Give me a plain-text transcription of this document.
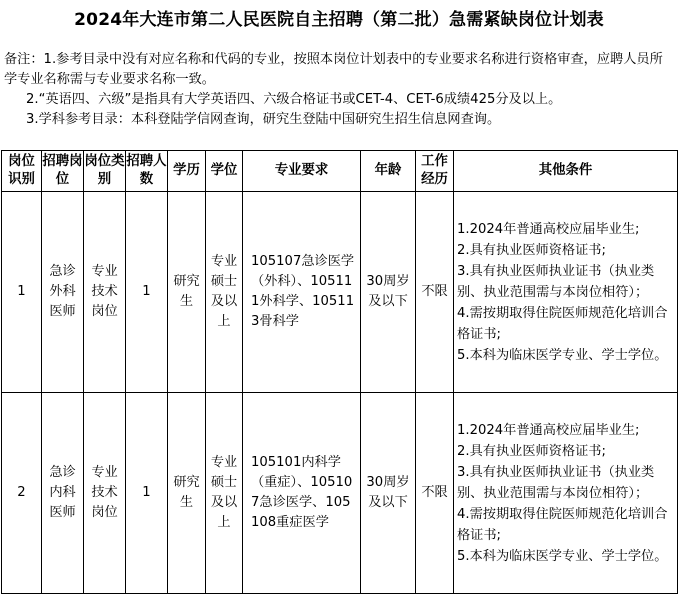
2024年大连市第二人民医院自主招聘（第二批）急需紧缺岗位计划表

备注：1.参考目录中没有对应名称和代码的专业，按照本岗位计划表中的专业要求名称进行资格审查，应聘人员所学专业名称需与专业要求名称一致。

2.“英语四、六级”是指具有大学英语四、六级合格证书或CET-4、CET-6成绩425分及以上。

3.学科参考目录：本科登陆学信网查询，研究生登陆中国研究生招生信息网查询。

岗位识别	招聘岗位	岗位类别	招聘人数	学历	学位	专业要求	年龄	工作经历	其他条件
1	急诊外科医师	专业技术岗位	1	研究生	专业硕士及以上	105107急诊医学（外科）、105111外科学、105113骨科学	30周岁及以下	不限	1.2024年普通高校应届毕业生;
2.具有执业医师资格证书;
3.具有执业医师执业证书（执业类别、执业范围需与本岗位相符）；
4.需按期取得住院医师规范化培训合格证书;
5.本科为临床医学专业、学士学位。

2	急诊内科医师	专业技术岗位	1	研究生	专业硕士及以上	105101内科学（重症）、105107急诊医学、105108重症医学	30周岁及以下	不限	1.2024年普通高校应届毕业生;
2.具有执业医师资格证书;
3.具有执业医师执业证书（执业类别、执业范围需与本岗位相符）；
4.需按期取得住院医师规范化培训合格证书;
5.本科为临床医学专业、学士学位。
